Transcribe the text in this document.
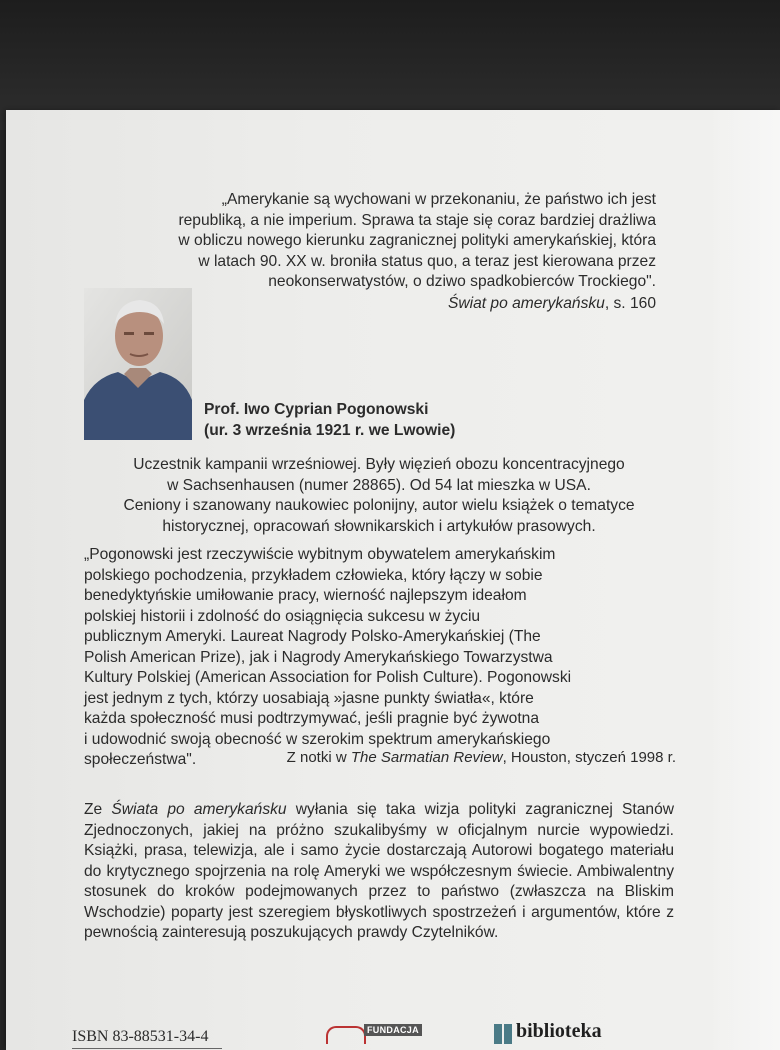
„Amerykanie są wychowani w przekonaniu, że państwo ich jest
republiką, a nie imperium. Sprawa ta staje się coraz bardziej drażliwa
w obliczu nowego kierunku zagranicznej polityki amerykańskiej, która
w latach 90. XX w. broniła status quo, a teraz jest kierowana przez
neokonserwatystów, o dziwo spadkobierców Trockiego".
Świat po amerykańsku, s. 160
Prof. Iwo Cyprian Pogonowski
(ur. 3 września 1921 r. we Lwowie)
Uczestnik kampanii wrześniowej. Były więzień obozu koncentracyjnego
w Sachsenhausen (numer 28865). Od 54 lat mieszka w USA.
Ceniony i szanowany naukowiec polonijny, autor wielu książek o tematyce
historycznej, opracowań słownikarskich i artykułów prasowych.
„Pogonowski jest rzeczywiście wybitnym obywatelem amerykańskim
polskiego pochodzenia, przykładem człowieka, który łączy w sobie
benedyktyńskie umiłowanie pracy, wierność najlepszym ideałom
polskiej historii i zdolność do osiągnięcia sukcesu w życiu
publicznym Ameryki. Laureat Nagrody Polsko-Amerykańskiej (The
Polish American Prize), jak i Nagrody Amerykańskiego Towarzystwa
Kultury Polskiej (American Association for Polish Culture). Pogonowski
jest jednym z tych, którzy uosabiają »jasne punkty światła«, które
każda społeczność musi podtrzymywać, jeśli pragnie być żywotna
i udowodnić swoją obecność w szerokim spektrum amerykańskiego
społeczeństwa".	Z notki w The Sarmatian Review, Houston, styczeń 1998 r.
Ze Świata po amerykańsku wyłania się taka wizja polityki zagranicznej Stanów Zjednoczonych, jakiej na próżno szukalibyśmy w oficjalnym nurcie wypowiedzi. Książki, prasa, telewizja, ale i samo życie dostarczają Autorowi bogatego materiału do krytycznego spojrzenia na rolę Ameryki we współczesnym świecie. Ambiwalentny stosunek do kroków podejmowanych przez to państwo (zwłaszcza na Bliskim Wschodzie) poparty jest szeregiem błyskotliwych spostrzeżeń i argumentów, które z pewnością zainteresują poszukujących prawdy Czytelników.
ISBN 83-88531-34-4	FUNDACJA	biblioteka
